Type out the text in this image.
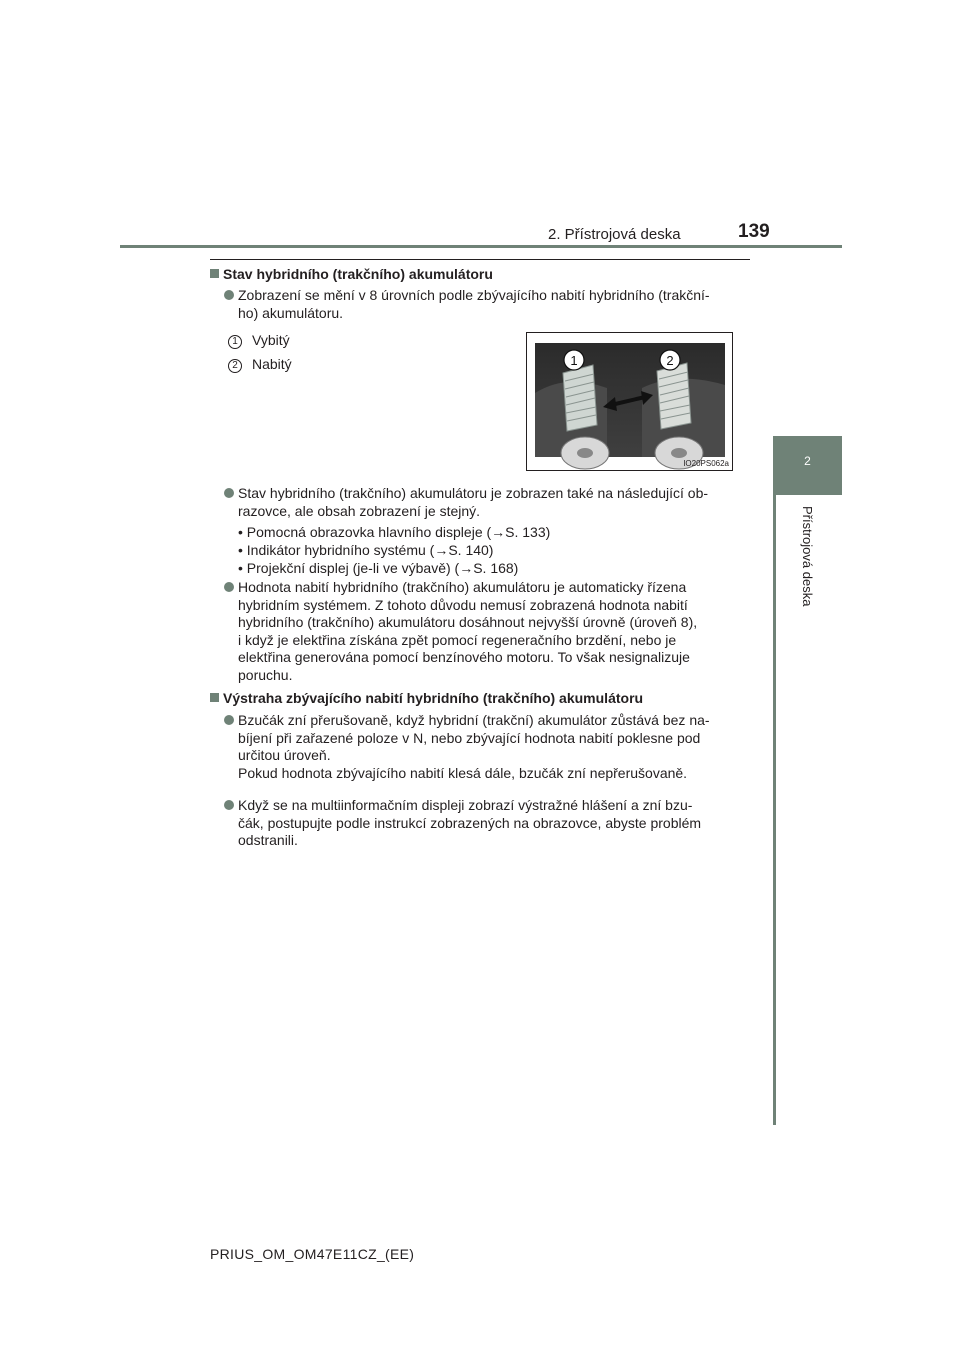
2. Přístrojová deska	139
2
Přístrojová deska
Stav hybridního (trakčního) akumulátoru
Zobrazení se mění v 8 úrovních podle zbývajícího nabití hybridního (trakční-
ho) akumulátoru.
1 Vybitý
2 Nabitý	1	2
IO20PS062a
Stav hybridního (trakčního) akumulátoru je zobrazen také na následující ob-
razovce, ale obsah zobrazení je stejný.
• Pomocná obrazovka hlavního displeje (→S. 133)
• Indikátor hybridního systému (→S. 140)
• Projekční displej (je-li ve výbavě) (→S. 168)
Hodnota nabití hybridního (trakčního) akumulátoru je automaticky řízena
hybridním systémem. Z tohoto důvodu nemusí zobrazená hodnota nabití
hybridního (trakčního) akumulátoru dosáhnout nejvyšší úrovně (úroveň 8),
i když je elektřina získána zpět pomocí regeneračního brzdění, nebo je
elektřina generována pomocí benzínového motoru. To však nesignalizuje
poruchu.
Výstraha zbývajícího nabití hybridního (trakčního) akumulátoru
Bzučák zní přerušovaně, když hybridní (trakční) akumulátor zůstává bez na-
bíjení při zařazené poloze v N, nebo zbývající hodnota nabití poklesne pod
určitou úroveň.
Pokud hodnota zbývajícího nabití klesá dále, bzučák zní nepřerušovaně.
Když se na multiinformačním displeji zobrazí výstražné hlášení a zní bzu-
čák, postupujte podle instrukcí zobrazených na obrazovce, abyste problém
odstranili.
PRIUS_OM_OM47E11CZ_(EE)
